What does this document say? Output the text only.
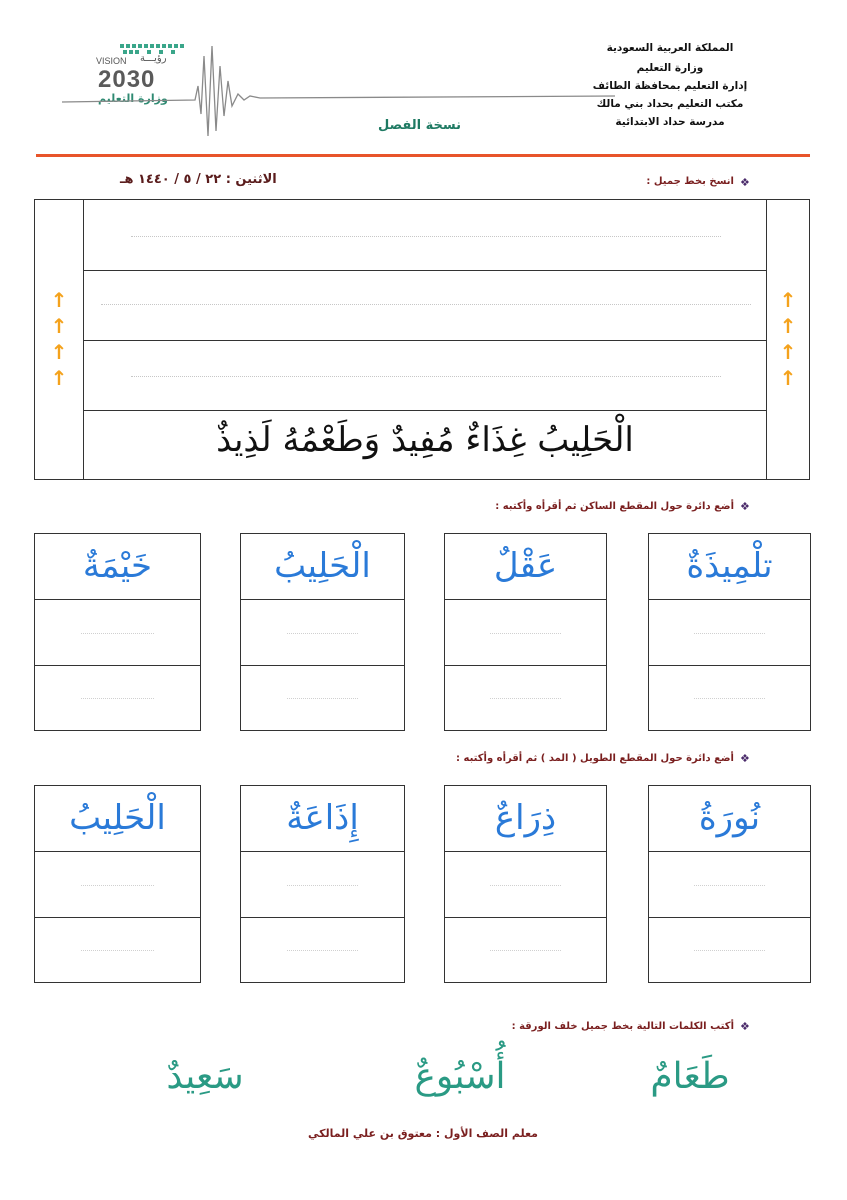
VISION رؤيـــة
2030
وزارة التعليم
المملكة العربية السعودية
وزارة التعليم
إدارة التعليم بمحافظة الطائف
مكتب التعليم بحداد بني مالك
مدرسة حداد الابتدائية
نسخة الفصل
❖
انسخ بخط جميل :
الاثنين : ٢٢ / ٥ / ١٤٤٠ هـ
↑
↑
↑
↑
↑
↑
↑
↑
الْحَلِيبُ غِذَاءٌ مُفِيدٌ وَطَعْمُهُ لَذِيذٌ
❖
أضع دائرة حول المقطع الساكن ثم أقرأه وأكتبه :
تلْمِيذَةٌ
عَقْلٌ
الْحَلِيبُ
خَيْمَةٌ
❖
أضع دائرة حول المقطع الطويل ( المد ) ثم أقرأه وأكتبه :
نُورَةُ
ذِرَاعٌ
إِذَاعَةٌ
الْحَلِيبُ
❖
أكتب الكلمات التالية بخط جميل خلف الورقة :
طَعَامٌ
أُسْبُوعٌ
سَعِيدٌ
معلم الصف الأول : معتوق بن علي المالكي
